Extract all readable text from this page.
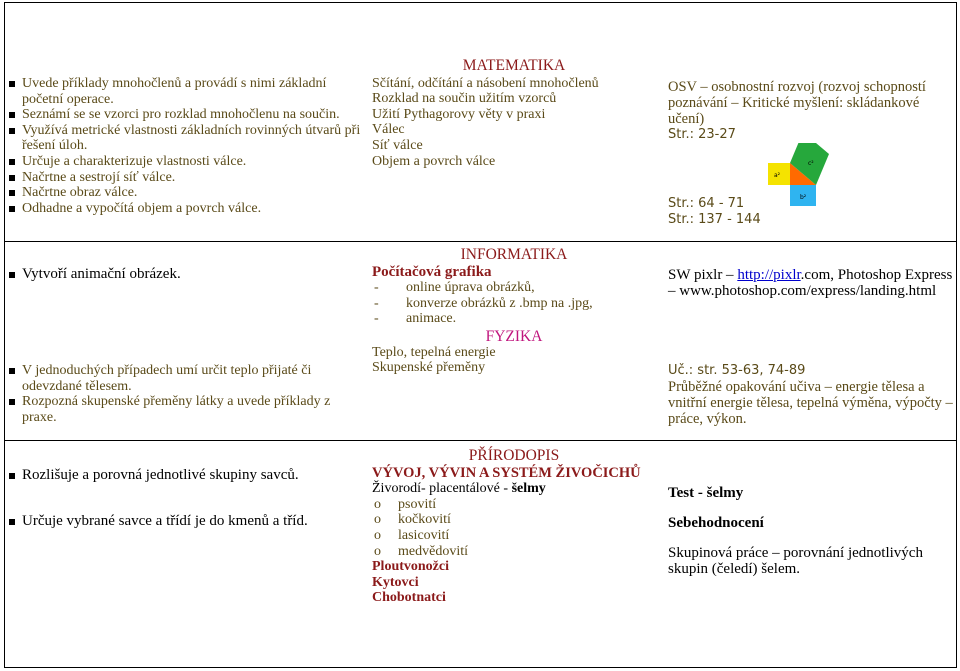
Uvede příklady mnohočlenů a provádí s nimi základní početní operace.
Seznámí se se vzorci pro rozklad mnohočlenu na součin.
Využívá metrické vlastnosti základních rovinných útvarů při řešení úloh.
Určuje a charakterizuje vlastnosti válce.
Načrtne a sestrojí síť válce.
Načrtne obraz válce.
Odhadne a vypočítá objem a povrch válce.
MATEMATIKA
Sčítání, odčítání a násobení mnohočlenů
Rozklad na součin užitím vzorců
Užití Pythagorovy věty v praxi
Válec
Síť válce
Objem a povrch válce
OSV – osobnostní rozvoj (rozvoj schopností poznávání – Kritické myšlení: skládankové učení)
Str.: 23-27
a²
b²
c²
Str.: 64 - 71
Str.: 137 - 144
INFORMATIKA
Počítačová grafika
- online úprava obrázků,
- konverze obrázků z .bmp na .jpg,
- animace.
FYZIKA
Teplo, tepelná energie
Skupenské přeměny
Vytvoří animační obrázek.
V jednoduchých případech umí určit teplo přijaté či odevzdané tělesem.
Rozpozná skupenské přeměny látky a uvede příklady z praxe.
SW pixlr – http://pixlr.com, Photoshop Express – www.photoshop.com/express/landing.html
Uč.: str. 53-63, 74-89
Průběžné opakování učiva – energie tělesa a vnitřní energie tělesa, tepelná výměna, výpočty – práce, výkon.
PŘÍRODOPIS
VÝVOJ, VÝVIN A SYSTÉM ŽIVOČICHŮ
Živorodí- placentálové - šelmy
o psovití
o kočkovití
o lasicovití
o medvědovití
Ploutvonožci
Kytovci
Chobotnatci
Rozlišuje a porovná jednotlivé skupiny savců.
Určuje vybrané savce a třídí je do kmenů a tříd.
Test - šelmy
Sebehodnocení
Skupinová práce – porovnání jednotlivých skupin (čeledí) šelem.
